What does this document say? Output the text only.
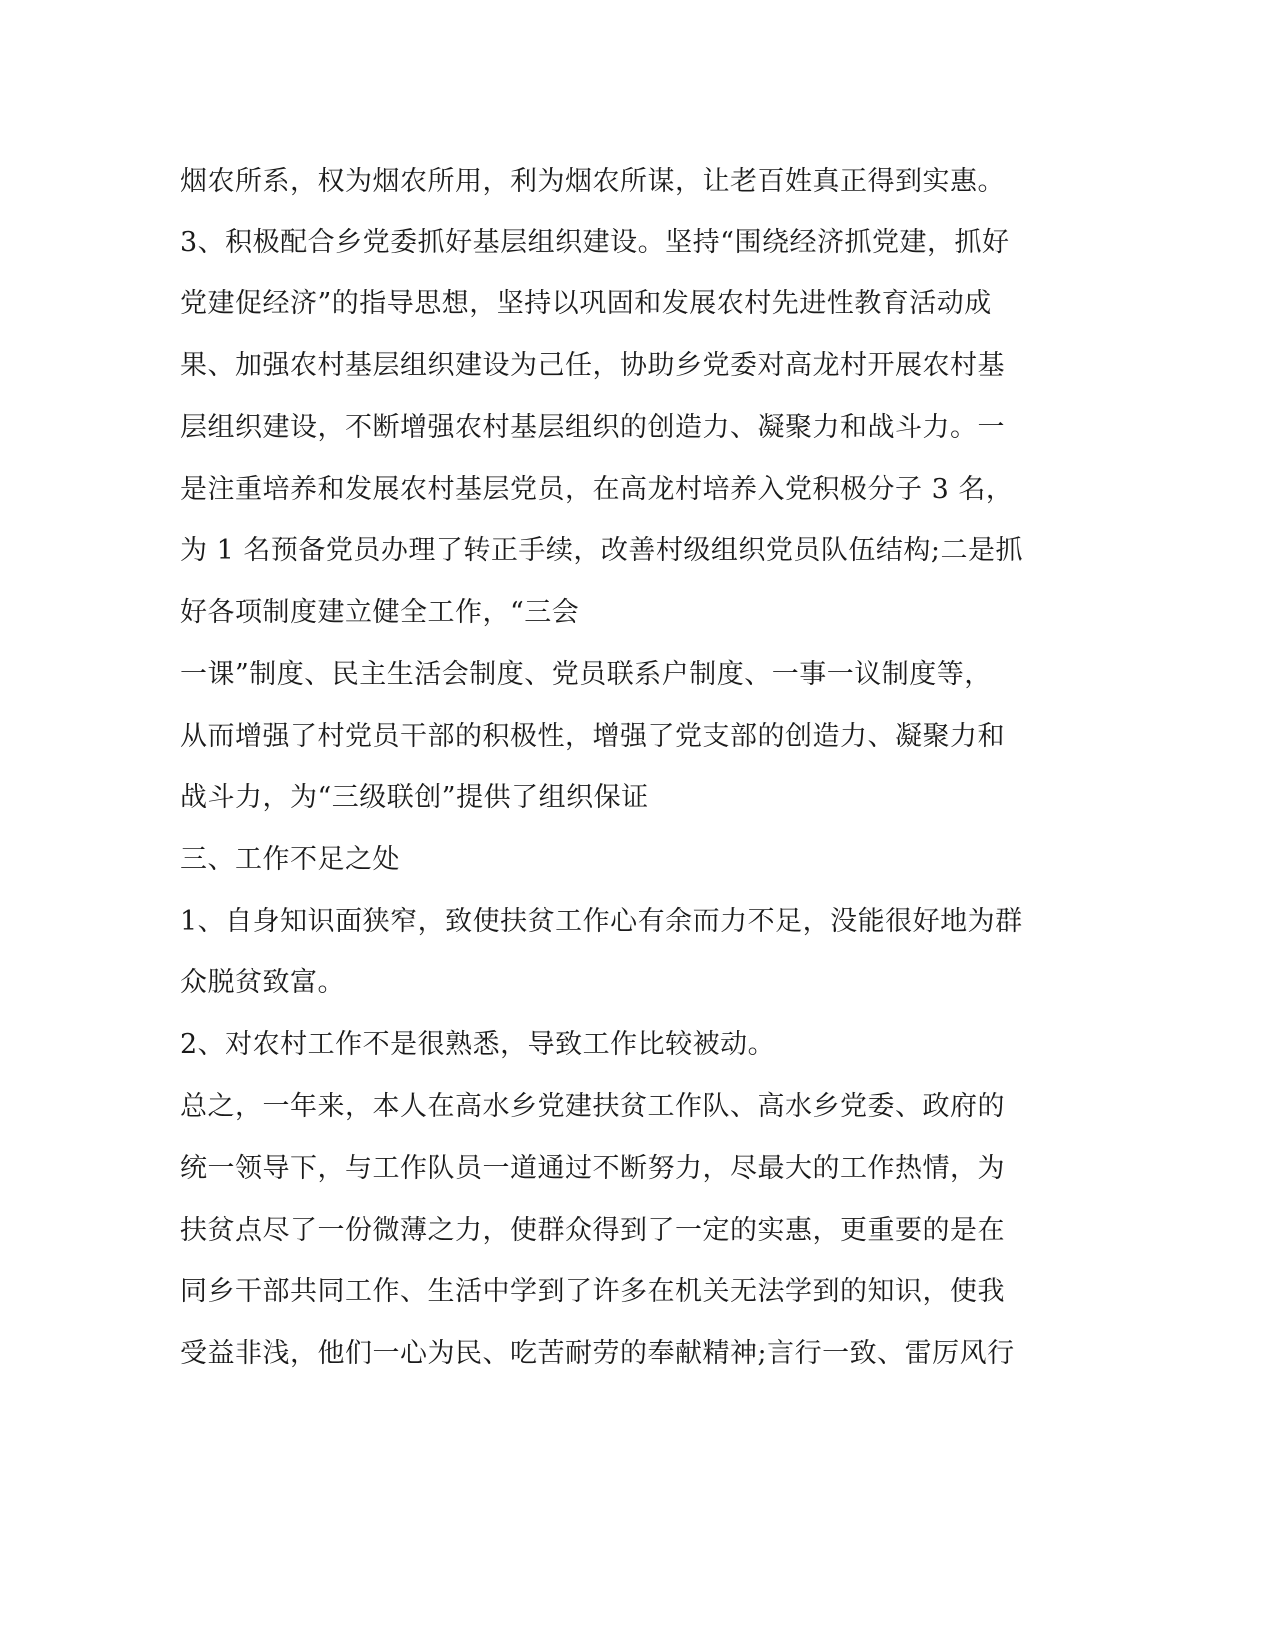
烟农所系，权为烟农所用，利为烟农所谋，让老百姓真正得到实惠。
3、积极配合乡党委抓好基层组织建设。坚持“围绕经济抓党建，抓好
党建促经济”的指导思想，坚持以巩固和发展农村先进性教育活动成
果、加强农村基层组织建设为己任，协助乡党委对高龙村开展农村基
层组织建设，不断增强农村基层组织的创造力、凝聚力和战斗力。一
是注重培养和发展农村基层党员，在高龙村培养入党积极分子 3 名，
为 1 名预备党员办理了转正手续，改善村级组织党员队伍结构;二是抓
好各项制度建立健全工作，“三会
一课”制度、民主生活会制度、党员联系户制度、一事一议制度等，
从而增强了村党员干部的积极性，增强了党支部的创造力、凝聚力和
战斗力，为“三级联创”提供了组织保证
三、工作不足之处
1、自身知识面狭窄，致使扶贫工作心有余而力不足，没能很好地为群
众脱贫致富。
2、对农村工作不是很熟悉，导致工作比较被动。
总之，一年来，本人在高水乡党建扶贫工作队、高水乡党委、政府的
统一领导下，与工作队员一道通过不断努力，尽最大的工作热情，为
扶贫点尽了一份微薄之力，使群众得到了一定的实惠，更重要的是在
同乡干部共同工作、生活中学到了许多在机关无法学到的知识，使我
受益非浅，他们一心为民、吃苦耐劳的奉献精神;言行一致、雷厉风行
